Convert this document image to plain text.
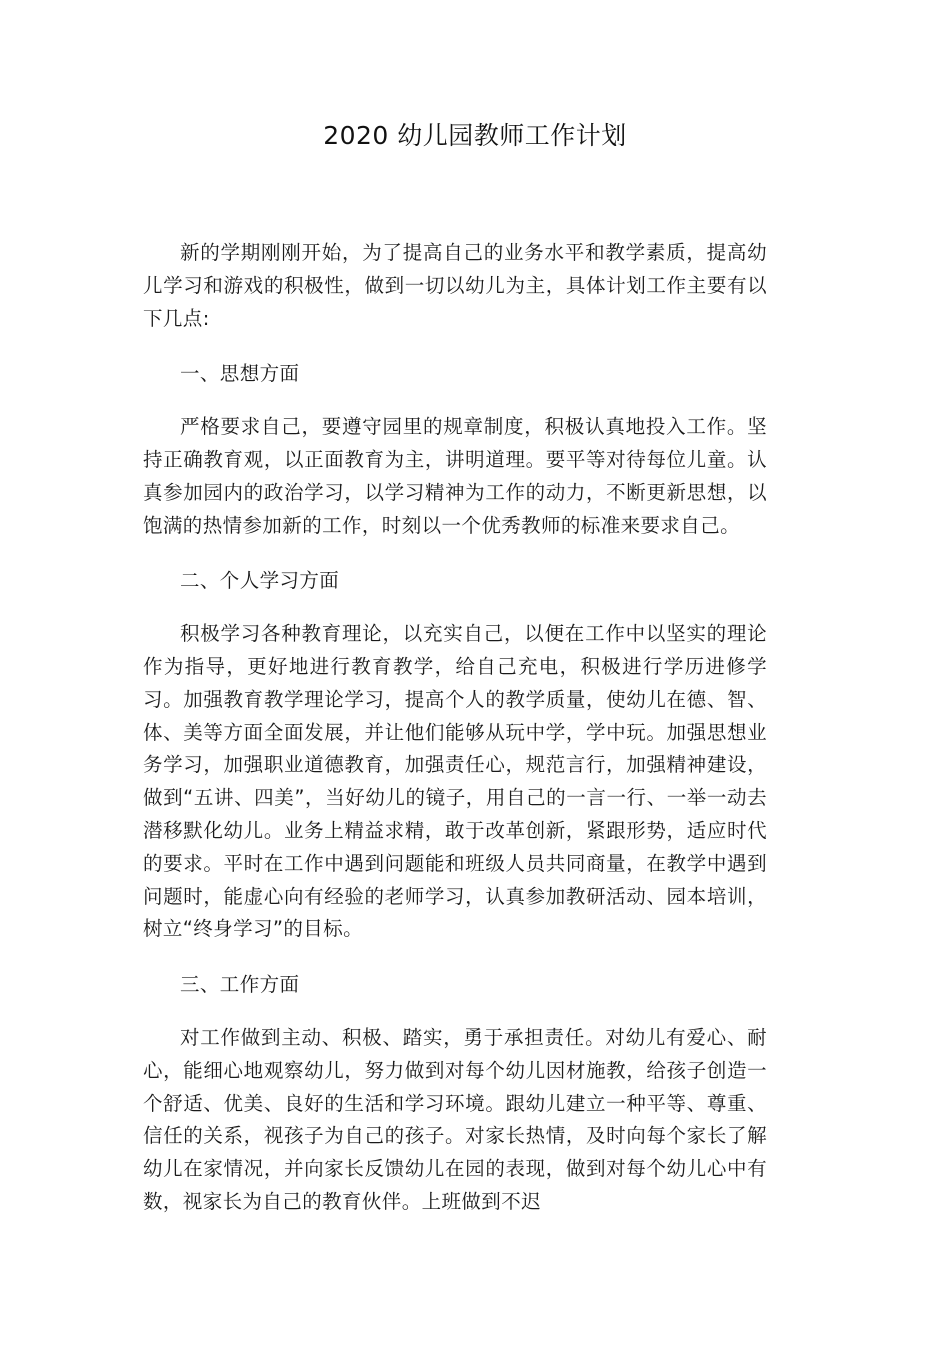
2020 幼儿园教师工作计划

新的学期刚刚开始，为了提高自己的业务水平和教学素质，提高幼儿学习和游戏的积极性，做到一切以幼儿为主，具体计划工作主要有以下几点:

一、思想方面

严格要求自己，要遵守园里的规章制度，积极认真地投入工作。坚持正确教育观，以正面教育为主，讲明道理。要平等对待每位儿童。认真参加园内的政治学习，以学习精神为工作的动力，不断更新思想，以饱满的热情参加新的工作，时刻以一个优秀教师的标准来要求自己。

二、个人学习方面

积极学习各种教育理论，以充实自己，以便在工作中以坚实的理论作为指导，更好地进行教育教学，给自己充电，积极进行学历进修学习。加强教育教学理论学习，提高个人的教学质量，使幼儿在德、智、体、美等方面全面发展，并让他们能够从玩中学，学中玩。加强思想业务学习，加强职业道德教育，加强责任心，规范言行，加强精神建设，做到“五讲、四美”，当好幼儿的镜子，用自己的一言一行、一举一动去潜移默化幼儿。业务上精益求精，敢于改革创新，紧跟形势，适应时代的要求。平时在工作中遇到问题能和班级人员共同商量，在教学中遇到问题时，能虚心向有经验的老师学习，认真参加教研活动、园本培训，树立“终身学习”的目标。

三、工作方面

对工作做到主动、积极、踏实，勇于承担责任。对幼儿有爱心、耐心，能细心地观察幼儿，努力做到对每个幼儿因材施教，给孩子创造一个舒适、优美、良好的生活和学习环境。跟幼儿建立一种平等、尊重、信任的关系，视孩子为自己的孩子。对家长热情，及时向每个家长了解幼儿在家情况，并向家长反馈幼儿在园的表现，做到对每个幼儿心中有数，视家长为自己的教育伙伴。上班做到不迟
